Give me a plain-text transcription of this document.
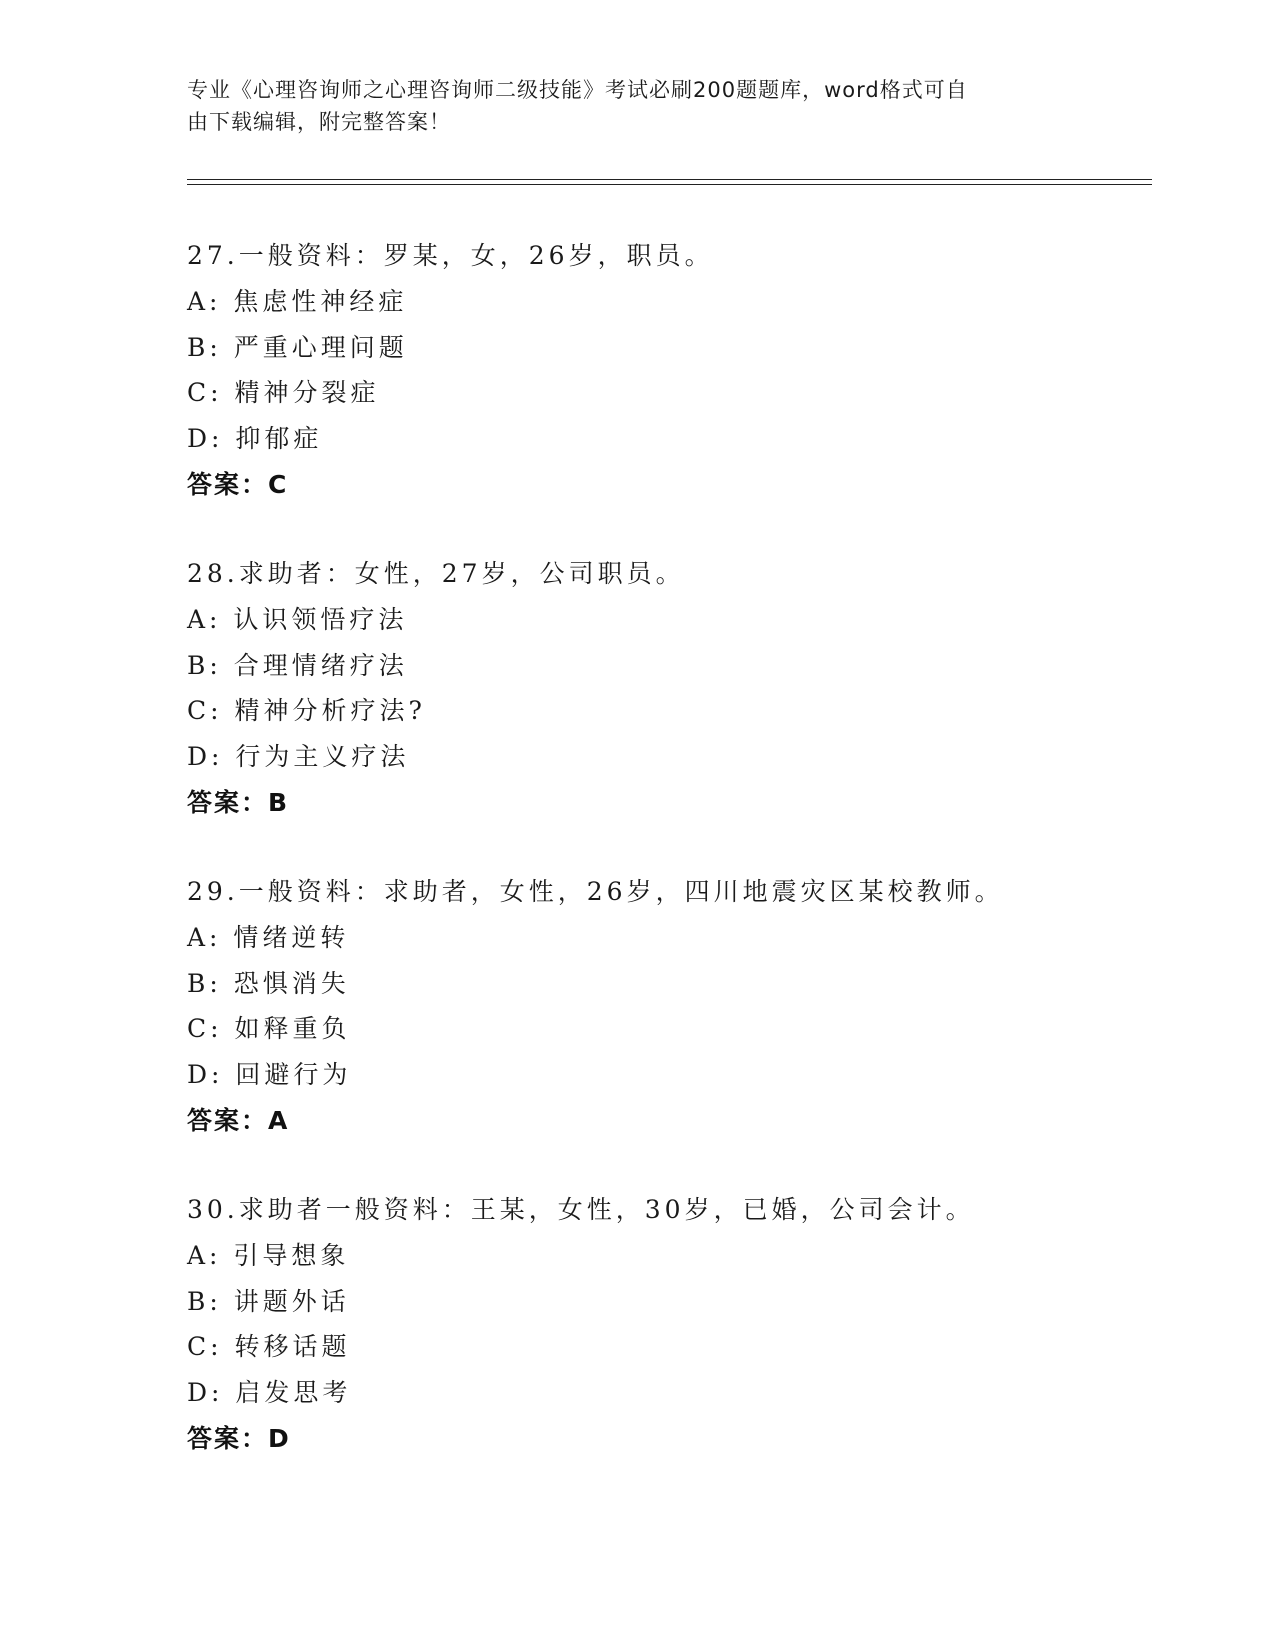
专业《心理咨询师之心理咨询师二级技能》考试必刷200题题库，word格式可自
由下载编辑，附完整答案！
27.一般资料：罗某，女，26岁，职员。
A: 焦虑性神经症
B: 严重心理问题
C: 精神分裂症
D: 抑郁症
答案：C
28.求助者：女性，27岁，公司职员。
A: 认识领悟疗法
B: 合理情绪疗法
C: 精神分析疗法?
D: 行为主义疗法
答案：B
29.一般资料：求助者，女性，26岁，四川地震灾区某校教师。
A: 情绪逆转
B: 恐惧消失
C: 如释重负
D: 回避行为
答案：A
30.求助者一般资料：王某，女性，30岁，已婚，公司会计。
A: 引导想象
B: 讲题外话
C: 转移话题
D: 启发思考
答案：D
